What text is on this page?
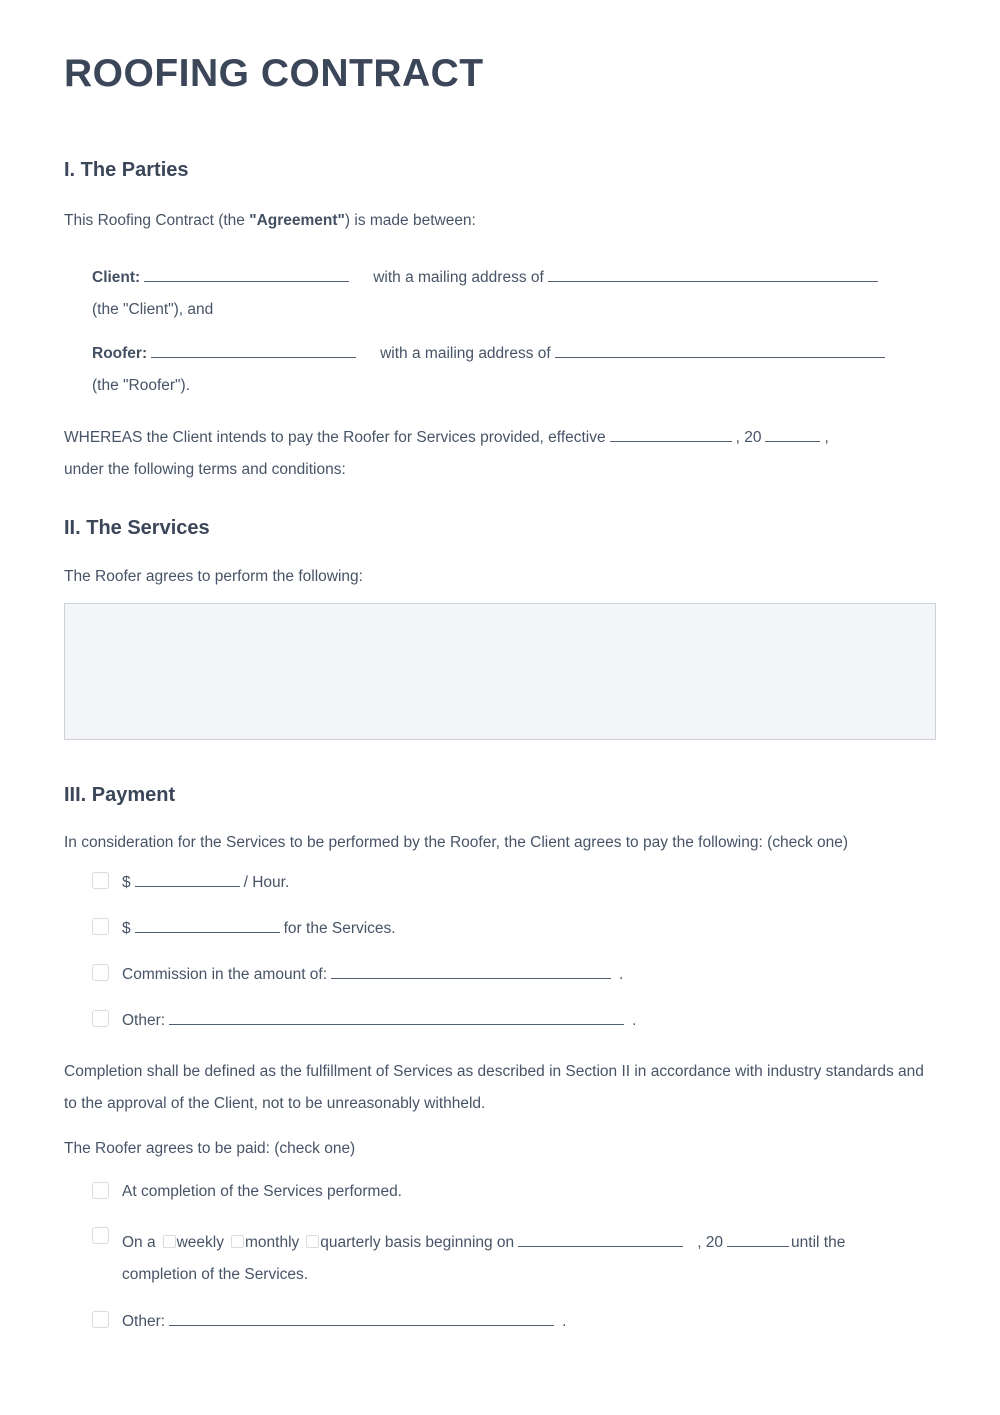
ROOFING CONTRACT
I. The Parties

This Roofing Contract (the "Agreement") is made between:

Client:	with a mailing address of
(the "Client"), and
Roofer:	with a mailing address of
(the "Roofer").
WHEREAS the Client intends to pay the Roofer for Services provided, effective	, 20	,
under the following terms and conditions:
II. The Services

The Roofer agrees to perform the following:

III. Payment

In consideration for the Services to be performed by the Roofer, the Client agrees to pay the following: (check one)

$	/ Hour.
$	for the Services.
Commission in the amount of:	.
Other:	.

Completion shall be defined as the fulfillment of Services as described in Section II in accordance with industry standards and to the approval of the Client, not to be unreasonably withheld.

The Roofer agrees to be paid: (check one)

At completion of the Services performed.
On a weekly monthly quarterly basis beginning on	, 20	until the
completion of the Services.
Other:	.
